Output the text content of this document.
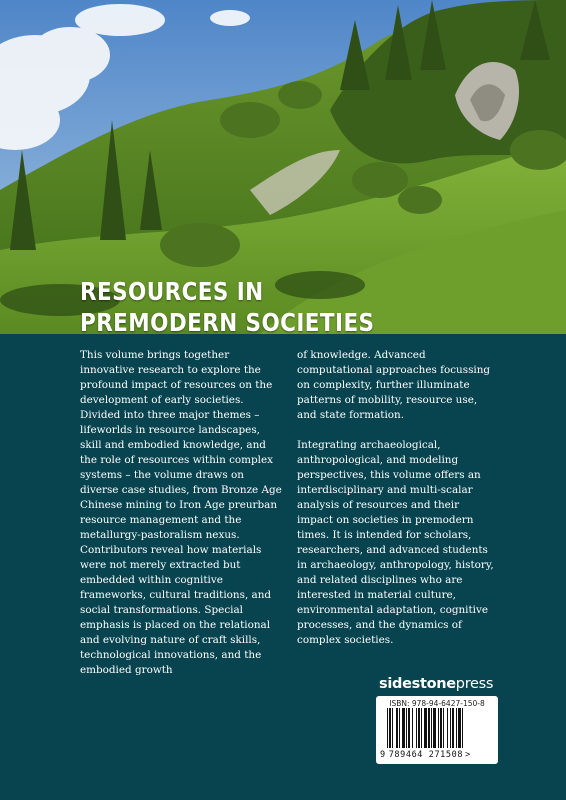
RESOURCES IN
PREMODERN SOCIETIES

This volume brings together innovative research to explore the profound impact of resources on the development of early societies. Divided into three major themes – lifeworlds in resource landscapes, skill and embodied knowledge, and the role of resources within complex systems – the volume draws on diverse case studies, from Bronze Age Chinese mining to Iron Age preurban resource management and the metallurgy-pastoralism nexus. Contributors reveal how materials were not merely extracted but embedded within cognitive frameworks, cultural traditions, and social transformations. Special emphasis is placed on the relational and evolving nature of craft skills, technological innovations, and the embodied growth

of knowledge. Advanced computational approaches focussing on complexity, further illuminate patterns of mobility, resource use, and state formation.

Integrating archaeological, anthropological, and modeling perspectives, this volume offers an interdisciplinary and multi-scalar analysis of resources and their impact on societies in premodern times. It is intended for scholars, researchers, and advanced students in archaeology, anthropology, history, and related disciplines who are interested in material culture, environmental adaptation, cognitive processes, and the dynamics of complex societies.

sidestonepress
ISBN: 978-94-6427-150-8
9 789464 271508 >
